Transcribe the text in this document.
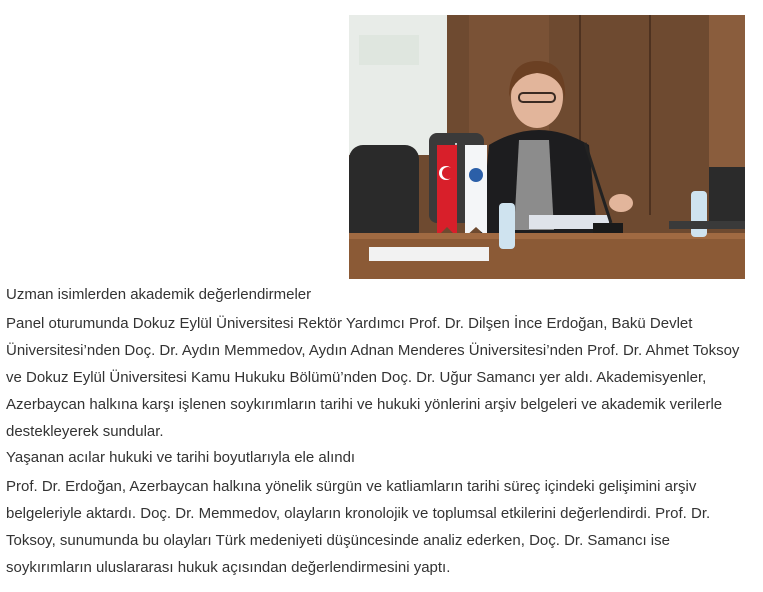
Uzman isimlerden akademik değerlendirmeler

Panel oturumunda Dokuz Eylül Üniversitesi Rektör Yardımcı Prof. Dr. Dilşen İnce Erdoğan, Bakü Devlet Üniversitesi’nden Doç. Dr. Aydın Memmedov, Aydın Adnan Menderes Üniversitesi’nden Prof. Dr. Ahmet Toksoy ve Dokuz Eylül Üniversitesi Kamu Hukuku Bölümü’nden Doç. Dr. Uğur Samancı yer aldı. Akademisyenler, Azerbaycan halkına karşı işlenen soykırımların tarihi ve hukuki yönlerini arşiv belgeleri ve akademik verilerle destekleyerek sundular.

Yaşanan acılar hukuki ve tarihi boyutlarıyla ele alındı

Prof. Dr. Erdoğan, Azerbaycan halkına yönelik sürgün ve katliamların tarihi süreç içindeki gelişimini arşiv belgeleriyle aktardı. Doç. Dr. Memmedov, olayların kronolojik ve toplumsal etkilerini değerlendirdi. Prof. Dr. Toksoy, sunumunda bu olayları Türk medeniyeti düşüncesinde analiz ederken, Doç. Dr. Samancı ise soykırımların uluslararası hukuk açısından değerlendirmesini yaptı.
